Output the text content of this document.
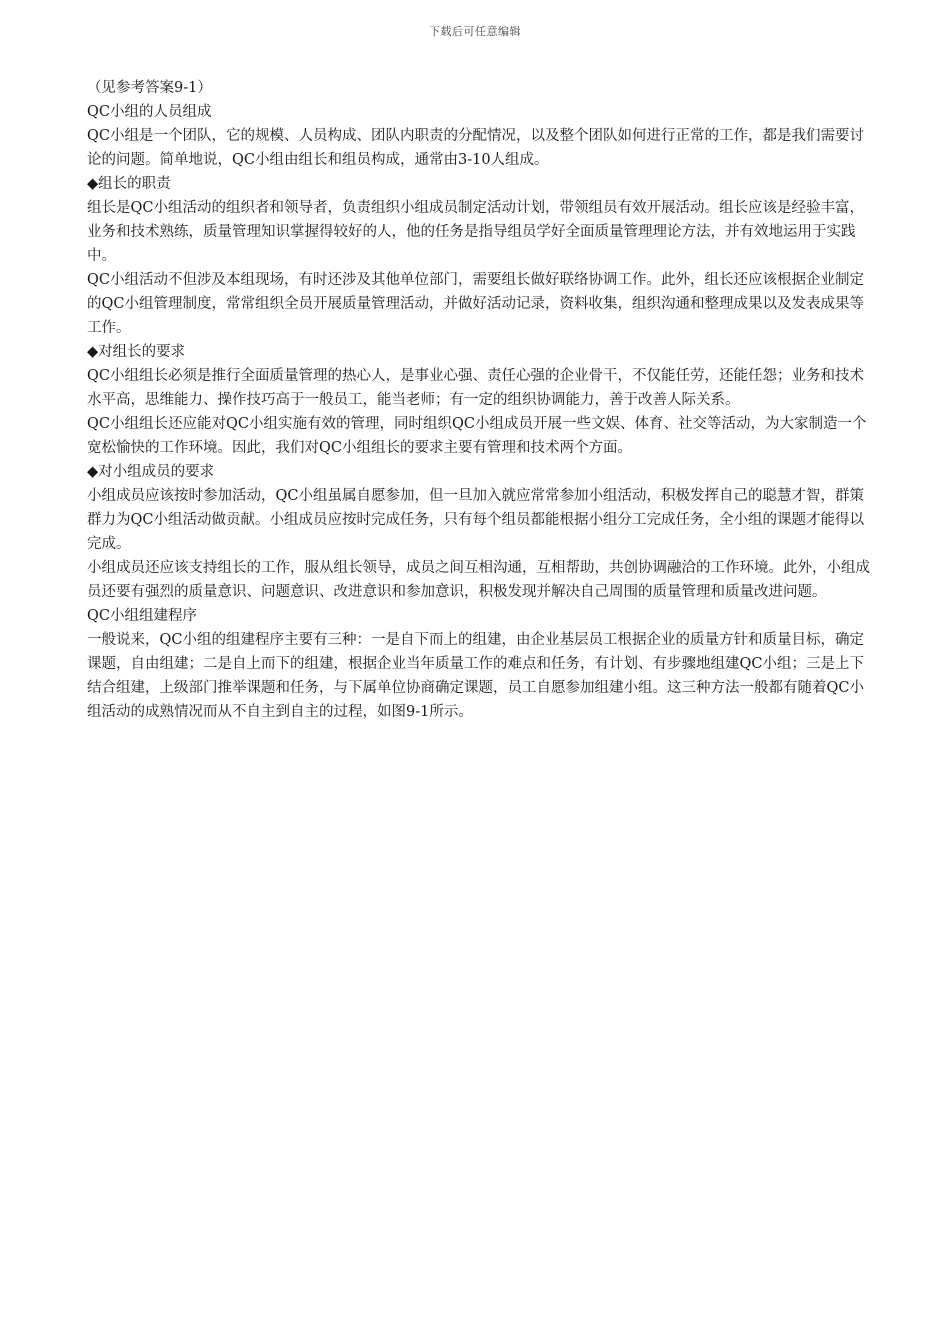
下载后可任意编辑

（见参考答案9-1）

QC小组的人员组成

QC小组是一个团队，它的规模、人员构成、团队内职责的分配情况，以及整个团队如何进行正常的工作，都是我们需要讨论的问题。简单地说，QC小组由组长和组员构成，通常由3-10人组成。

◆组长的职责

组长是QC小组活动的组织者和领导者，负责组织小组成员制定活动计划，带领组员有效开展活动。组长应该是经验丰富，业务和技术熟练，质量管理知识掌握得较好的人，他的任务是指导组员学好全面质量管理理论方法，并有效地运用于实践中。

QC小组活动不但涉及本组现场，有时还涉及其他单位部门，需要组长做好联络协调工作。此外，组长还应该根据企业制定的QC小组管理制度，常常组织全员开展质量管理活动，并做好活动记录，资料收集，组织沟通和整理成果以及发表成果等工作。

◆对组长的要求

QC小组组长必须是推行全面质量管理的热心人，是事业心强、责任心强的企业骨干，不仅能任劳，还能任怨；业务和技术水平高，思维能力、操作技巧高于一般员工，能当老师；有一定的组织协调能力，善于改善人际关系。

QC小组组长还应能对QC小组实施有效的管理，同时组织QC小组成员开展一些文娱、体育、社交等活动，为大家制造一个宽松愉快的工作环境。因此，我们对QC小组组长的要求主要有管理和技术两个方面。

◆对小组成员的要求

小组成员应该按时参加活动，QC小组虽属自愿参加，但一旦加入就应常常参加小组活动，积极发挥自己的聪慧才智，群策群力为QC小组活动做贡献。小组成员应按时完成任务，只有每个组员都能根据小组分工完成任务，全小组的课题才能得以完成。

小组成员还应该支持组长的工作，服从组长领导，成员之间互相沟通，互相帮助，共创协调融洽的工作环境。此外，小组成员还要有强烈的质量意识、问题意识、改进意识和参加意识，积极发现并解决自己周围的质量管理和质量改进问题。

QC小组组建程序

一般说来，QC小组的组建程序主要有三种：一是自下而上的组建，由企业基层员工根据企业的质量方针和质量目标，确定课题，自由组建；二是自上而下的组建，根据企业当年质量工作的难点和任务，有计划、有步骤地组建QC小组；三是上下结合组建，上级部门推举课题和任务，与下属单位协商确定课题，员工自愿参加组建小组。这三种方法一般都有随着QC小组活动的成熟情况而从不自主到自主的过程，如图9-1所示。
